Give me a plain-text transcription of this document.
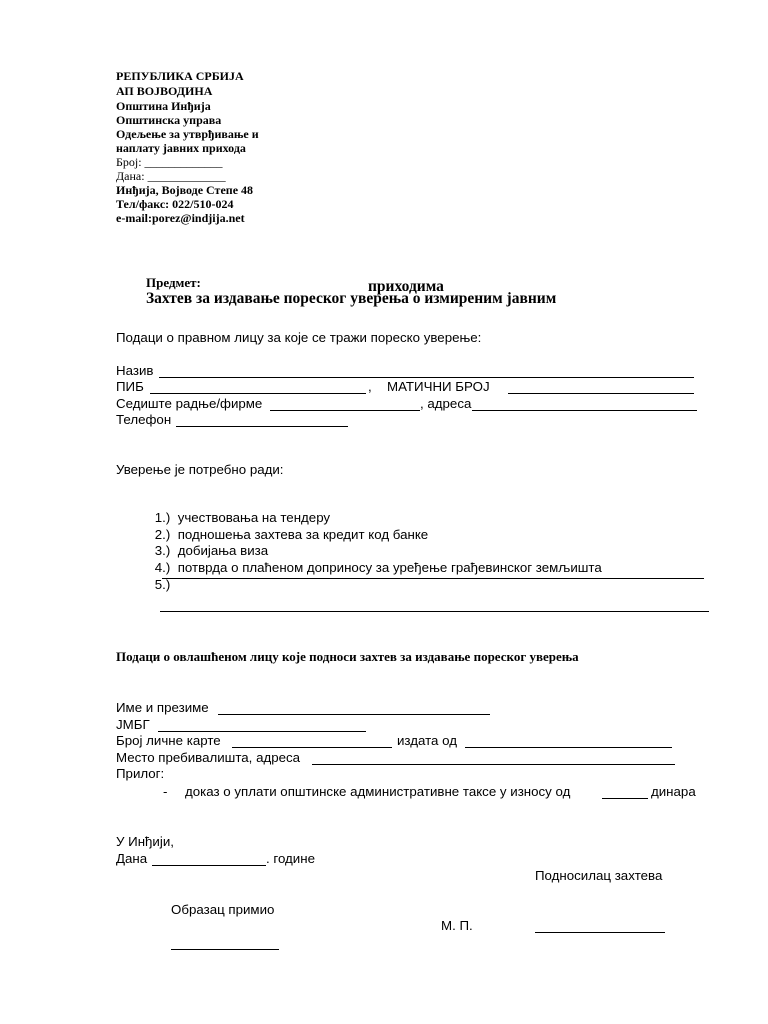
РЕПУБЛИКА СРБИЈА
АП ВОЈВОДИНА
Општина Инђија
Општинска управа
Одељење за утврђивање и
наплату јавних прихода
Број: _____________
Дана: _____________
Инђија, Војводе Степе 48
Тел/факс: 022/510-024
e-mail:porez@indjija.net

Предмет:
Захтев за издавање пореског уверења о измиреним јавним

приходима
Подаци о правном лицу за које се тражи пореско уверење:
Назив
ПИБ	, МАТИЧНИ БРОЈ
Седиште радње/фирме	, адреса
Телефон
Уверење је потребно ради:

1.) учествовања на тендеру

2.) подношења захтева за кредит код банке

3.) добијања виза

4.) потврда о плаћеном доприносу за уређење грађевинског земљишта

5.)

Подаци о овлашћеном лицу које подноси захтев за издавање пореског уверења
Име и презиме
ЈМБГ
Број личне карте	издата од
Место пребивалишта, адреса
Прилог:
- доказ о уплати општинске административне таксе у износу од	динара
У Инђији,
Дана	. године
Подносилац захтева
Образац примио
М. П.
